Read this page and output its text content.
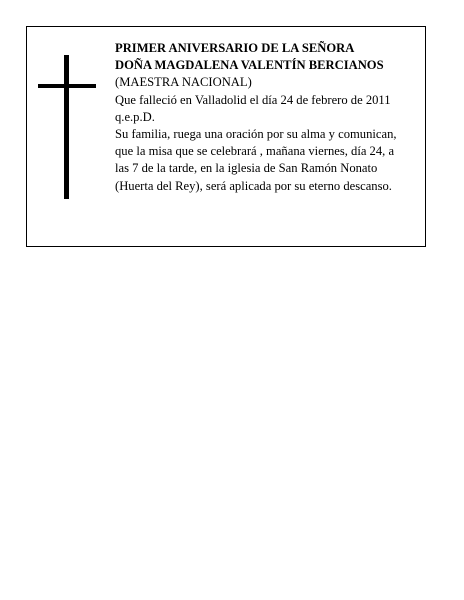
PRIMER ANIVERSARIO DE LA SEÑORA
DOÑA MAGDALENA VALENTÍN BERCIANOS
(MAESTRA NACIONAL)
Que falleció en Valladolid el día 24 de febrero de 2011
q.e.p.D.
Su familia, ruega una oración por su alma y comunican,
que la misa que se celebrará , mañana viernes, día 24, a
las 7 de la tarde, en la iglesia de San Ramón Nonato
(Huerta del Rey), será aplicada por su eterno descanso.
